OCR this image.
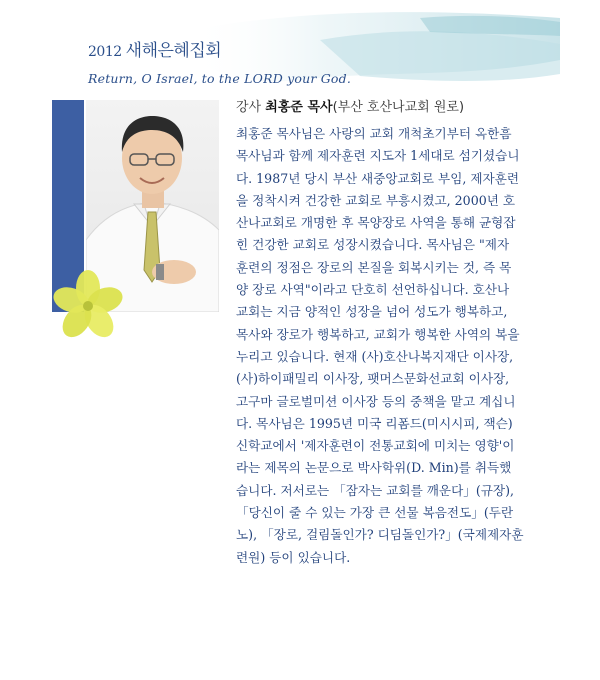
2012 새해은혜집회
Return, O Israel, to the LORD your God.
강사 최홍준 목사(부산 호산나교회 원로)
최홍준 목사님은 사랑의 교회 개척초기부터 옥한흠
목사님과 함께 제자훈련 지도자 1세대로 섬기셨습니
다. 1987년 당시 부산 새중앙교회로 부임, 제자훈련
을 정착시켜 건강한 교회로 부흥시켰고, 2000년 호
산나교회로 개명한 후 목양장로 사역을 통해 균형잡
힌 건강한 교회로 성장시켰습니다. 목사님은 "제자
훈련의 정점은 장로의 본질을 회복시키는 것, 즉 목
양 장로 사역"이라고 단호히 선언하십니다. 호산나
교회는 지금 양적인 성장을 넘어 성도가 행복하고,
목사와 장로가 행복하고, 교회가 행복한 사역의 복을
누리고 있습니다. 현재 (사)호산나복지재단 이사장,
(사)하이패밀리 이사장, 팻머스문화선교회 이사장,
고구마 글로벌미션 이사장 등의 중책을 맡고 계십니
다. 목사님은 1995년 미국 리폼드(미시시피, 잭슨)
신학교에서 '제자훈련이 전통교회에 미치는 영향'이
라는 제목의 논문으로 박사학위(D. Min)를 취득했
습니다. 저서로는 「잠자는 교회를 깨운다」(규장),
「당신이 줄 수 있는 가장 큰 선물 복음전도」(두란
노), 「장로, 걸림돌인가? 디딤돌인가?」(국제제자훈
련원) 등이 있습니다.
